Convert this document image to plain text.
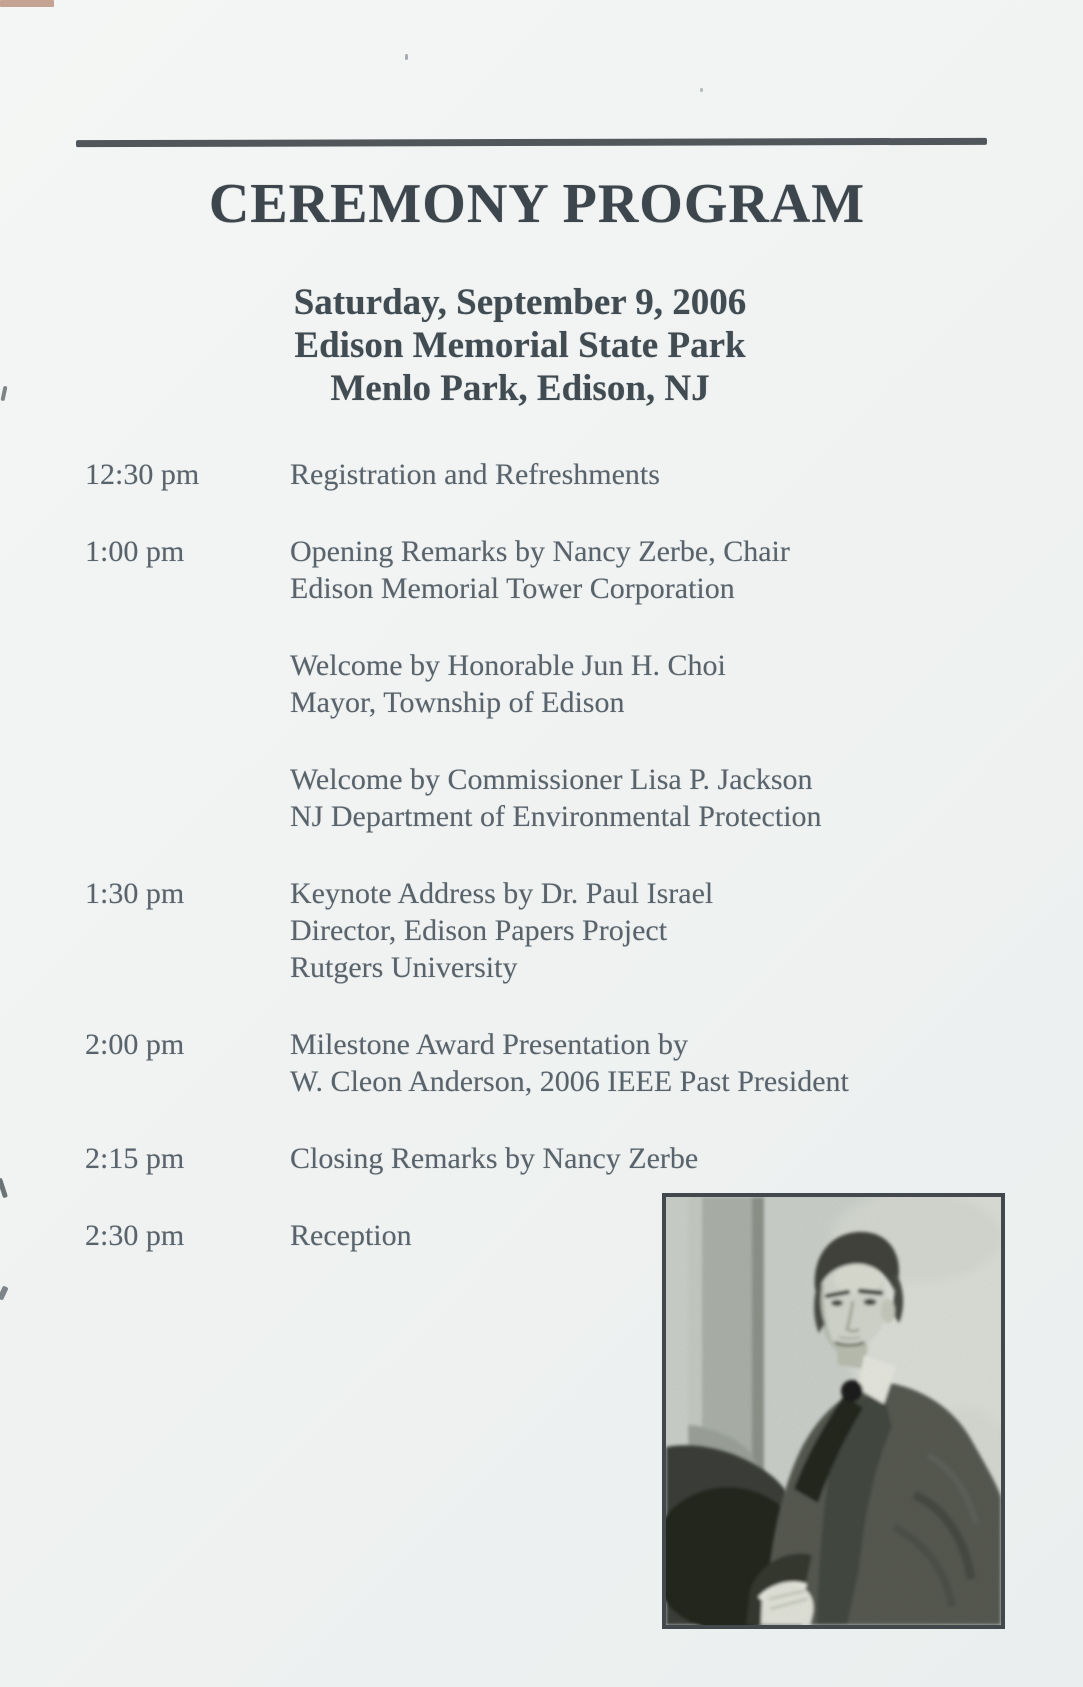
CEREMONY PROGRAM
Saturday, September 9, 2006
Edison Memorial State Park
Menlo Park, Edison, NJ
12:30 pm	Registration and Refreshments
1:00 pm	Opening Remarks by Nancy Zerbe, Chair
Edison Memorial Tower Corporation
Welcome by Honorable Jun H. Choi
Mayor, Township of Edison
Welcome by Commissioner Lisa P. Jackson
NJ Department of Environmental Protection
1:30 pm	Keynote Address by Dr. Paul Israel
Director, Edison Papers Project
Rutgers University
2:00 pm	Milestone Award Presentation by
W. Cleon Anderson, 2006 IEEE Past President
2:15 pm	Closing Remarks by Nancy Zerbe
2:30 pm	Reception
